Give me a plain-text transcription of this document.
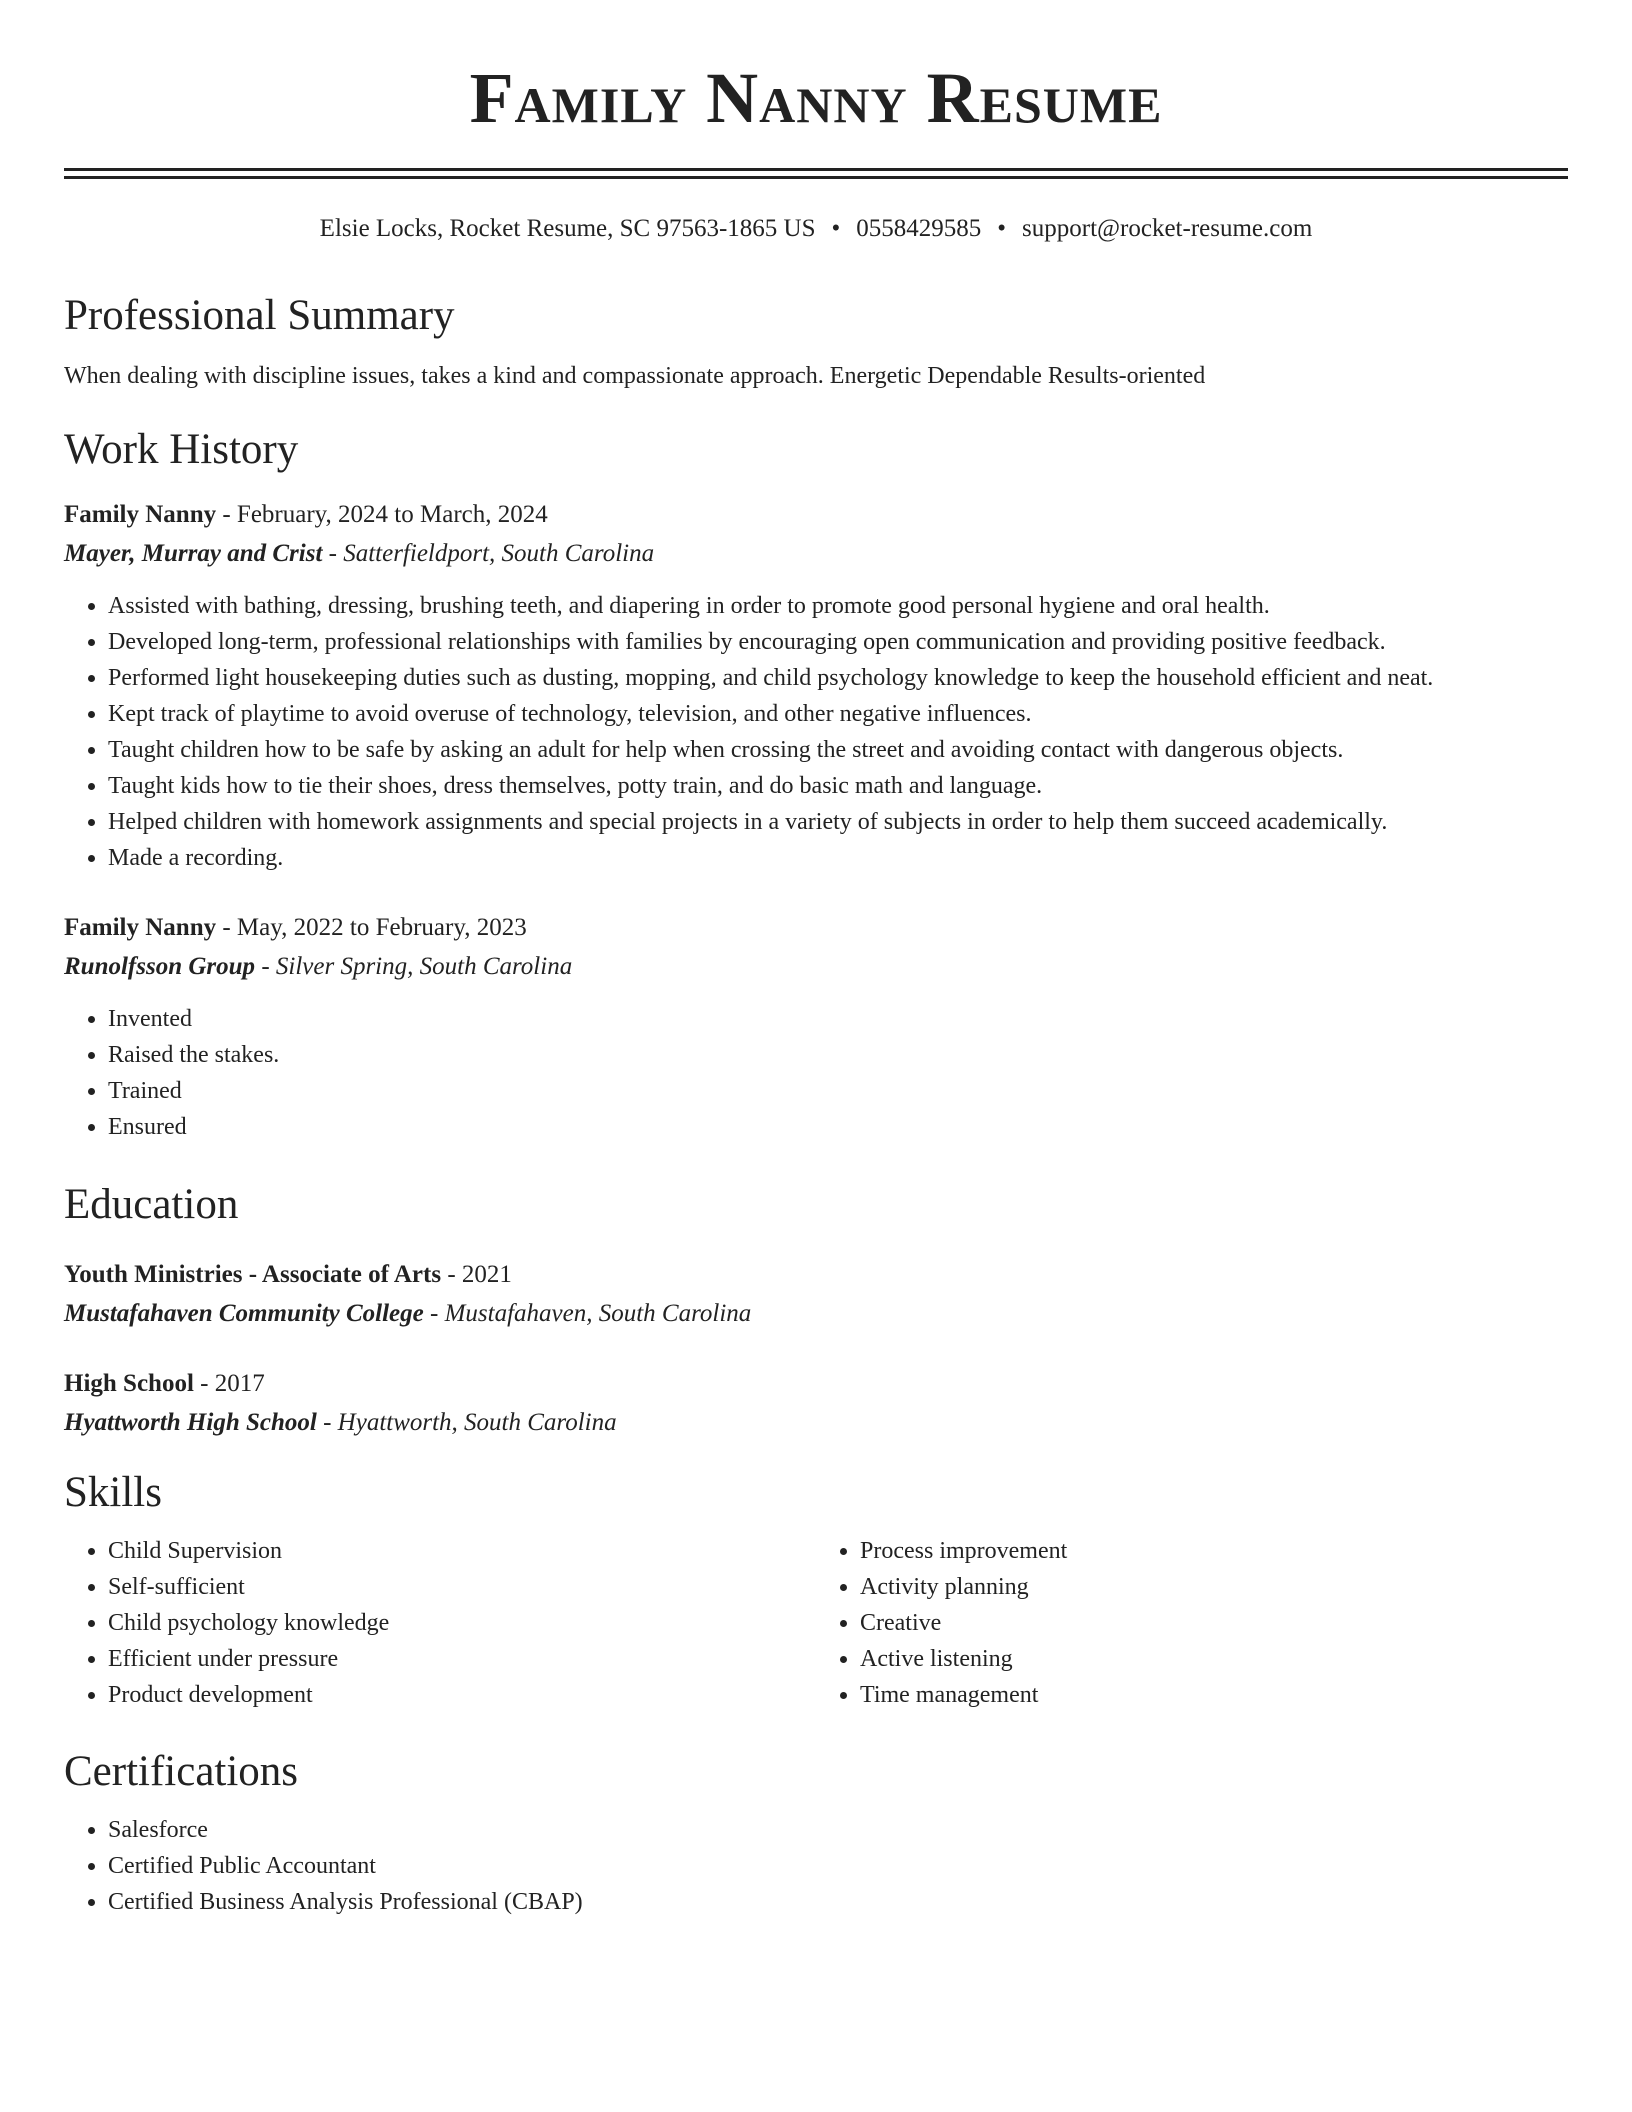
Family Nanny Resume
Elsie Locks, Rocket Resume, SC 97563-1865 US • 0558429585 • support@rocket-resume.com
Professional Summary
When dealing with discipline issues, takes a kind and compassionate approach. Energetic Dependable Results-oriented
Work History
Family Nanny - February, 2024 to March, 2024
Mayer, Murray and Crist - Satterfieldport, South Carolina
• Assisted with bathing, dressing, brushing teeth, and diapering in order to promote good personal hygiene and oral health.
• Developed long-term, professional relationships with families by encouraging open communication and providing positive feedback.
• Performed light housekeeping duties such as dusting, mopping, and child psychology knowledge to keep the household efficient and neat.
• Kept track of playtime to avoid overuse of technology, television, and other negative influences.
• Taught children how to be safe by asking an adult for help when crossing the street and avoiding contact with dangerous objects.
• Taught kids how to tie their shoes, dress themselves, potty train, and do basic math and language.
• Helped children with homework assignments and special projects in a variety of subjects in order to help them succeed academically.
• Made a recording.
Family Nanny - May, 2022 to February, 2023
Runolfsson Group - Silver Spring, South Carolina
• Invented
• Raised the stakes.
• Trained
• Ensured
Education
Youth Ministries - Associate of Arts - 2021
Mustafahaven Community College - Mustafahaven, South Carolina
High School - 2017
Hyattworth High School - Hyattworth, South Carolina
Skills
• Child Supervision
• Self-sufficient
• Child psychology knowledge
• Efficient under pressure
• Product development
• Process improvement
• Activity planning
• Creative
• Active listening
• Time management
Certifications
• Salesforce
• Certified Public Accountant
• Certified Business Analysis Professional (CBAP)
